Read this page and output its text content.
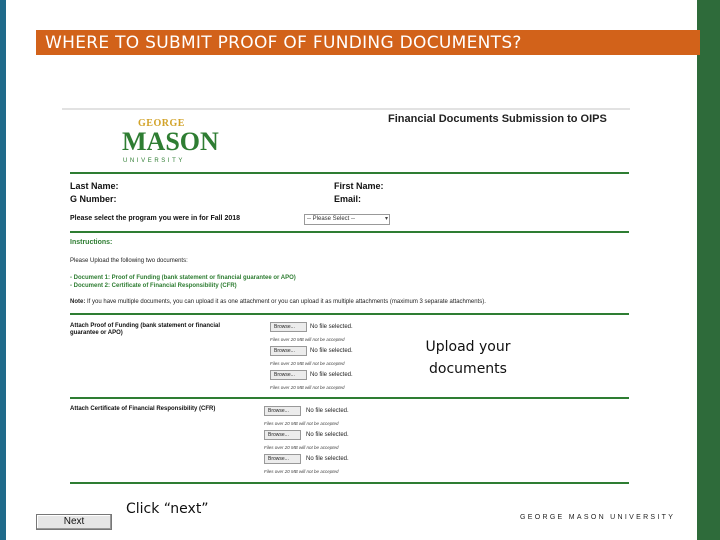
WHERE TO SUBMIT PROOF OF FUNDING DOCUMENTS?
GEORGE
MASON
UNIVERSITY
Financial Documents Submission to OIPS
Last Name:	First Name:
G Number:	Email:
Please select the program you were in for Fall 2018	-- Please Select --	▾
Instructions:
Please Upload the following two documents:
- Document 1: Proof of Funding (bank statement or financial guarantee or APO)
- Document 2: Certificate of Financial Responsibility (CFR)
Note: If you have multiple documents, you can upload it as one attachment or you can upload it as multiple attachments (maximum 3 separate attachments).
Attach Proof of Funding (bank statement or financial
guarantee or APO)
Browse...	No file selected.
Files over 20 MB will not be accepted
Browse...	No file selected.
Files over 20 MB will not be accepted
Browse...	No file selected.
Files over 20 MB will not be accepted
Attach Certificate of Financial Responsibility (CFR)	Browse...	No file selected.
Files over 20 MB will not be accepted
Browse...	No file selected.
Files over 20 MB will not be accepted
Browse...	No file selected.
Files over 20 MB will not be accepted
Upload your
documents
Next
Click “next”
GEORGE MASON UNIVERSITY
